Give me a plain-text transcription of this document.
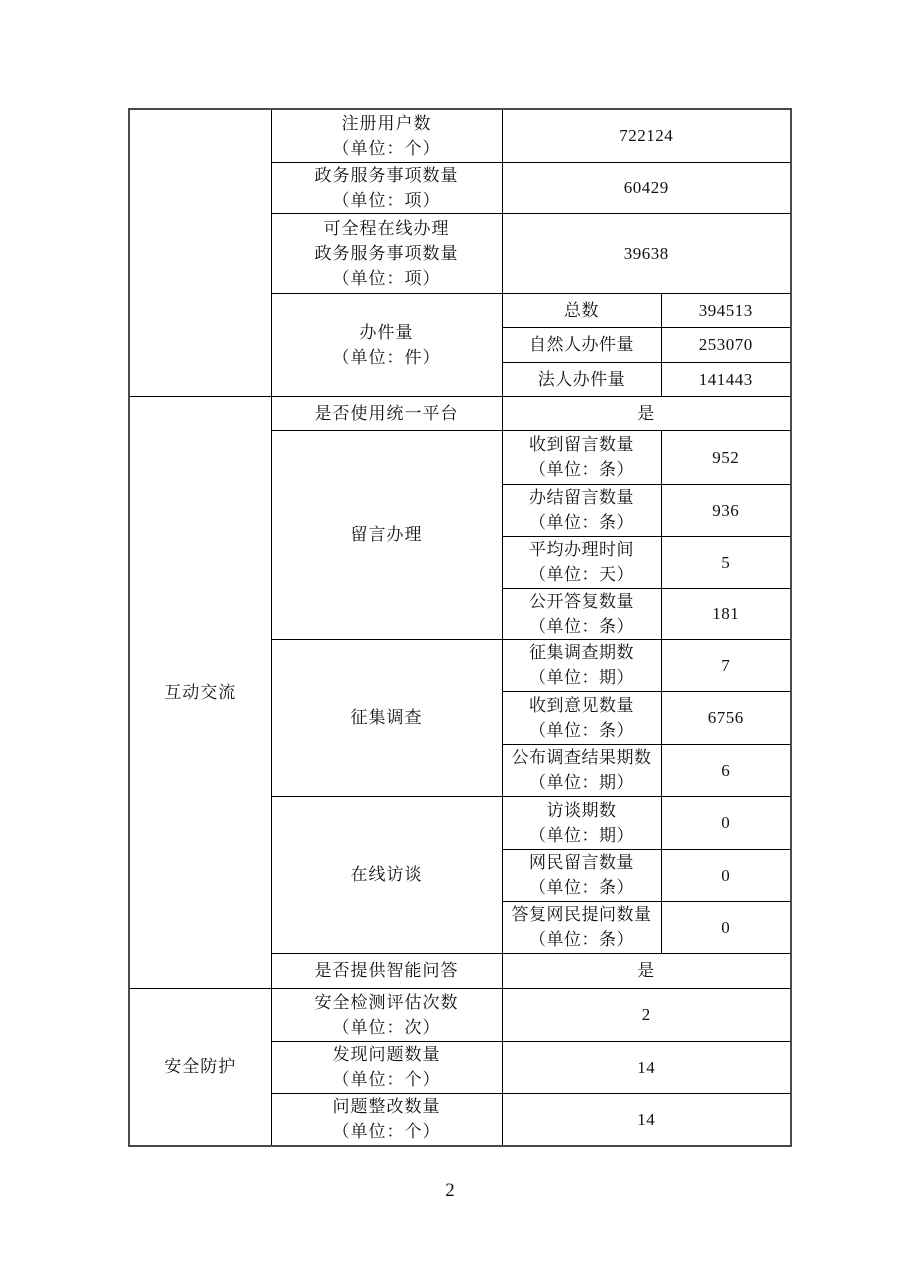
	注册用户数
（单位：个）	722124	

	政务服务事项数量
（单位：项）	60429	

	可全程在线办理
政务服务事项数量
（单位：项）	39638	

	办件量
（单位：件）	总数	394513
		自然人办件量	253070
		法人办件量	141443
互动交流	是否使用统一平台	是	
	留言办理	收到留言数量
（单位：条）	952

		办结留言数量
（单位：条）	936

		平均办理时间
（单位：天）	5

		公开答复数量
（单位：条）	181
	征集调查	征集调查期数
（单位：期）	7

		收到意见数量
（单位：条）	6756

		公布调查结果期数
（单位：期）	6
	在线访谈	访谈期数
（单位：期）	0

		网民留言数量
（单位：条）	0

		答复网民提问数量
（单位：条）	0
	是否提供智能问答	是	
安全防护	安全检测评估次数
（单位：次）	2	

	发现问题数量
（单位：个）	14	

	问题整改数量
（单位：个）	14	
2
